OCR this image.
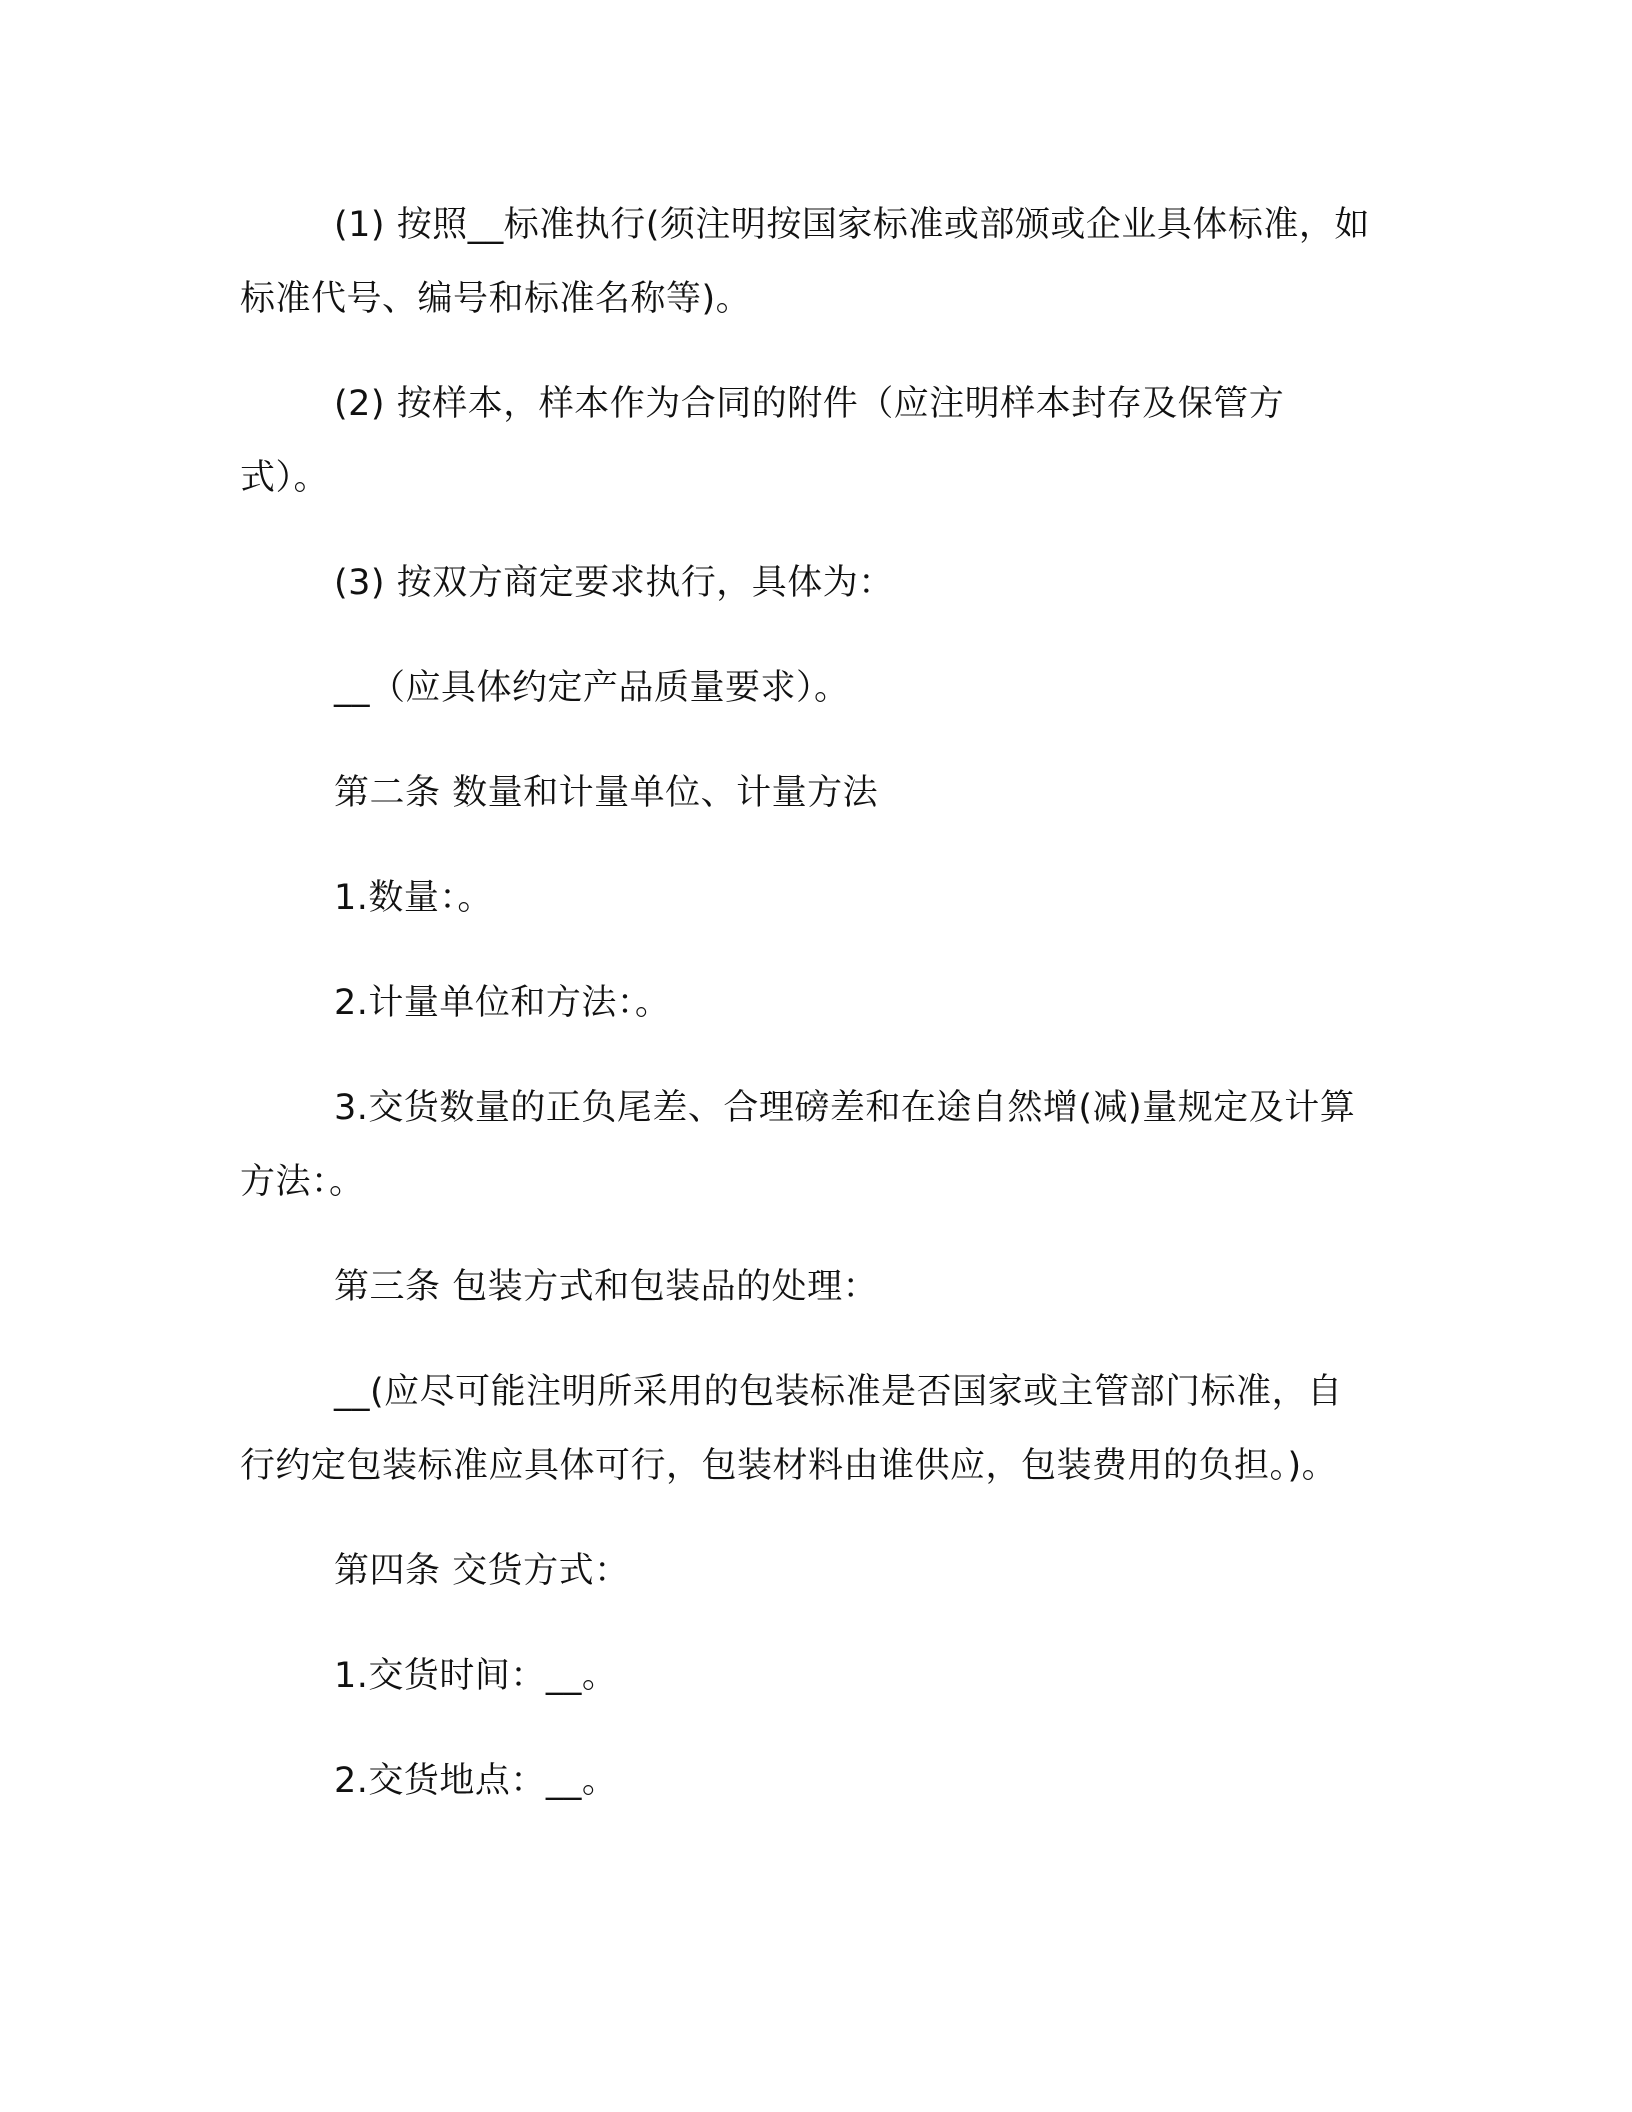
(1) 按照__标准执行(须注明按国家标准或部颁或企业具体标准，如标准代号、编号和标准名称等)。

(2) 按样本，样本作为合同的附件（应注明样本封存及保管方式）。

(3) 按双方商定要求执行，具体为：

__（应具体约定产品质量要求）。

第二条 数量和计量单位、计量方法

1.数量：。

2.计量单位和方法：。

3.交货数量的正负尾差、合理磅差和在途自然增(减)量规定及计算方法：。

第三条 包装方式和包装品的处理：

__(应尽可能注明所采用的包装标准是否国家或主管部门标准，自行约定包装标准应具体可行，包装材料由谁供应，包装费用的负担。)。

第四条 交货方式：

1.交货时间：__。

2.交货地点：__。
